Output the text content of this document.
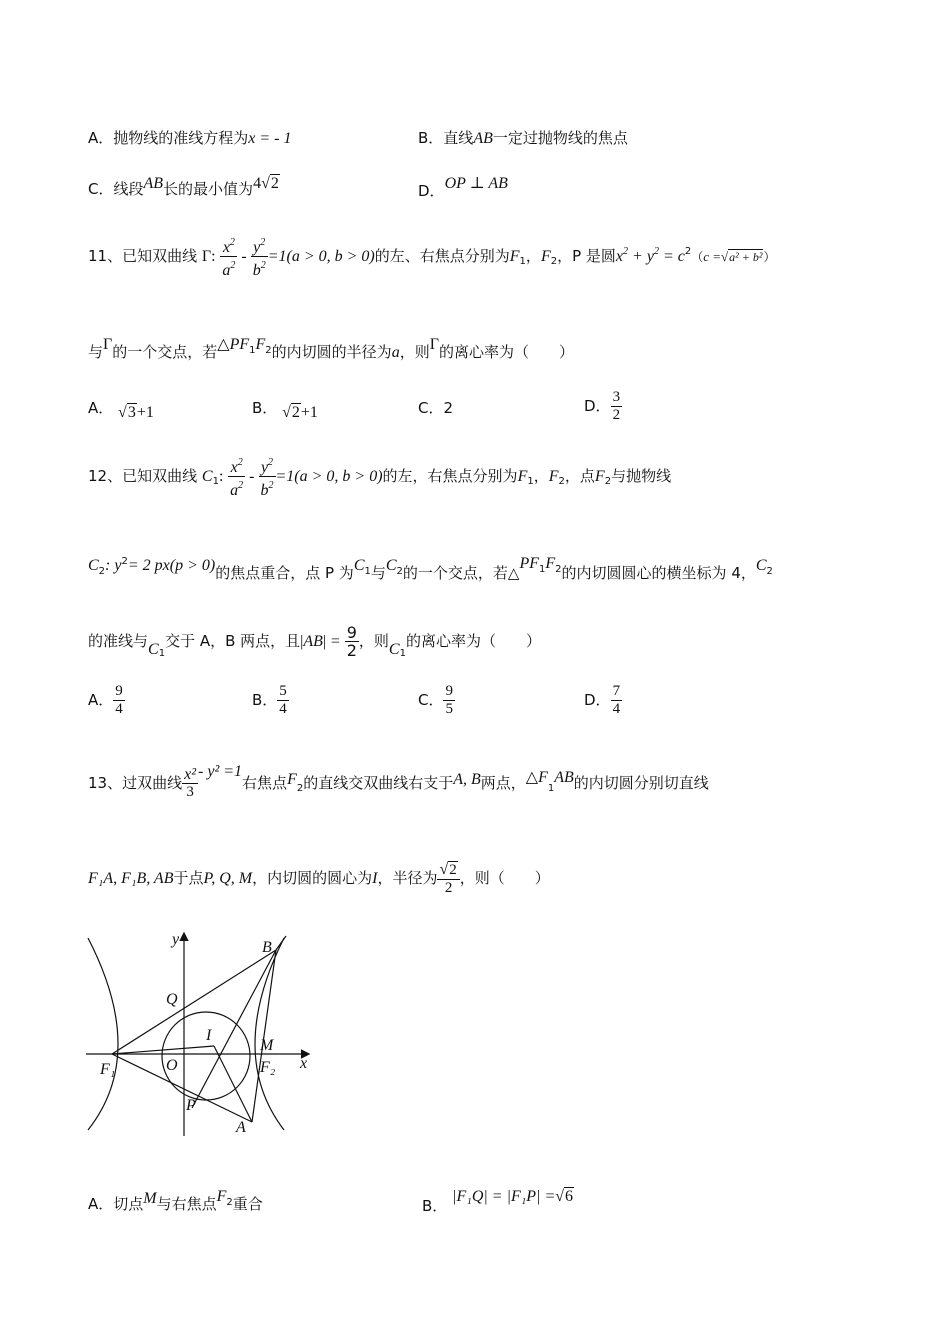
A．抛物线的准线方程为x = - 1	B．直线AB一定过抛物线的焦点
C．线段AB长的最小值为4√2	D．OP ⊥ AB
11、已知双曲线 Γ: $\frac{x^2}{a^2} - \frac{y^2}{b^2} =1(a > 0$, b > 0)的左、右焦点分别为$F_1$，$F_2$，P 是圆$x^2 + y^2 = c^2(c =√a^2 + b^2)$
与Γ的一个交点，若$\triangle PF^1F^2$的内切圆的半径为a，则Γ的离心率为（　　）
A． √3+1	B． √2+1	C．2	D． $\frac{3}{2}$
12、已知双曲线 $C_1$: $\frac{x^2}{a^2} - \frac{y^2}{b^2} =1(a > 0$, b > 0)的左，右焦点分别为$F_1$，$F_2$，点$F_2$与抛物线
$C^2$: $y^2= 2$ px(p > 0)的焦点重合，点 P 为$C^1$与$C^2$的一个交点，若$\triangle PF^1F^2$的内切圆圆心的横坐标为 4，$C^2$
的准线与$C_1$交于 A，B 两点，且$|AB| = \frac{9}{2}$ ，则$C_1$的离心率为（　　）
A． $\frac{9}{4}$	B． $\frac{5}{4}$	C． $\frac{9}{5}$	D． $\frac{7}{4}$
13、过双曲线 $\frac{\text{x²}}{3} - y^2 =1$右焦点$F_2$的直线交双曲线右支于A, B两点，$\triangle F_1AB$的内切圆分别切直线
F₁A, F₁B, AB于点P, Q, M，内切圆的圆心为I，半径为 $\frac{√2}{2}$ ，则（　　）
y
x
B
Q
I
M
F₁	O	F₂
P
A
A．切点M与右焦点$F^2$重合	B． |F₁Q| = |F₁P| =√6
